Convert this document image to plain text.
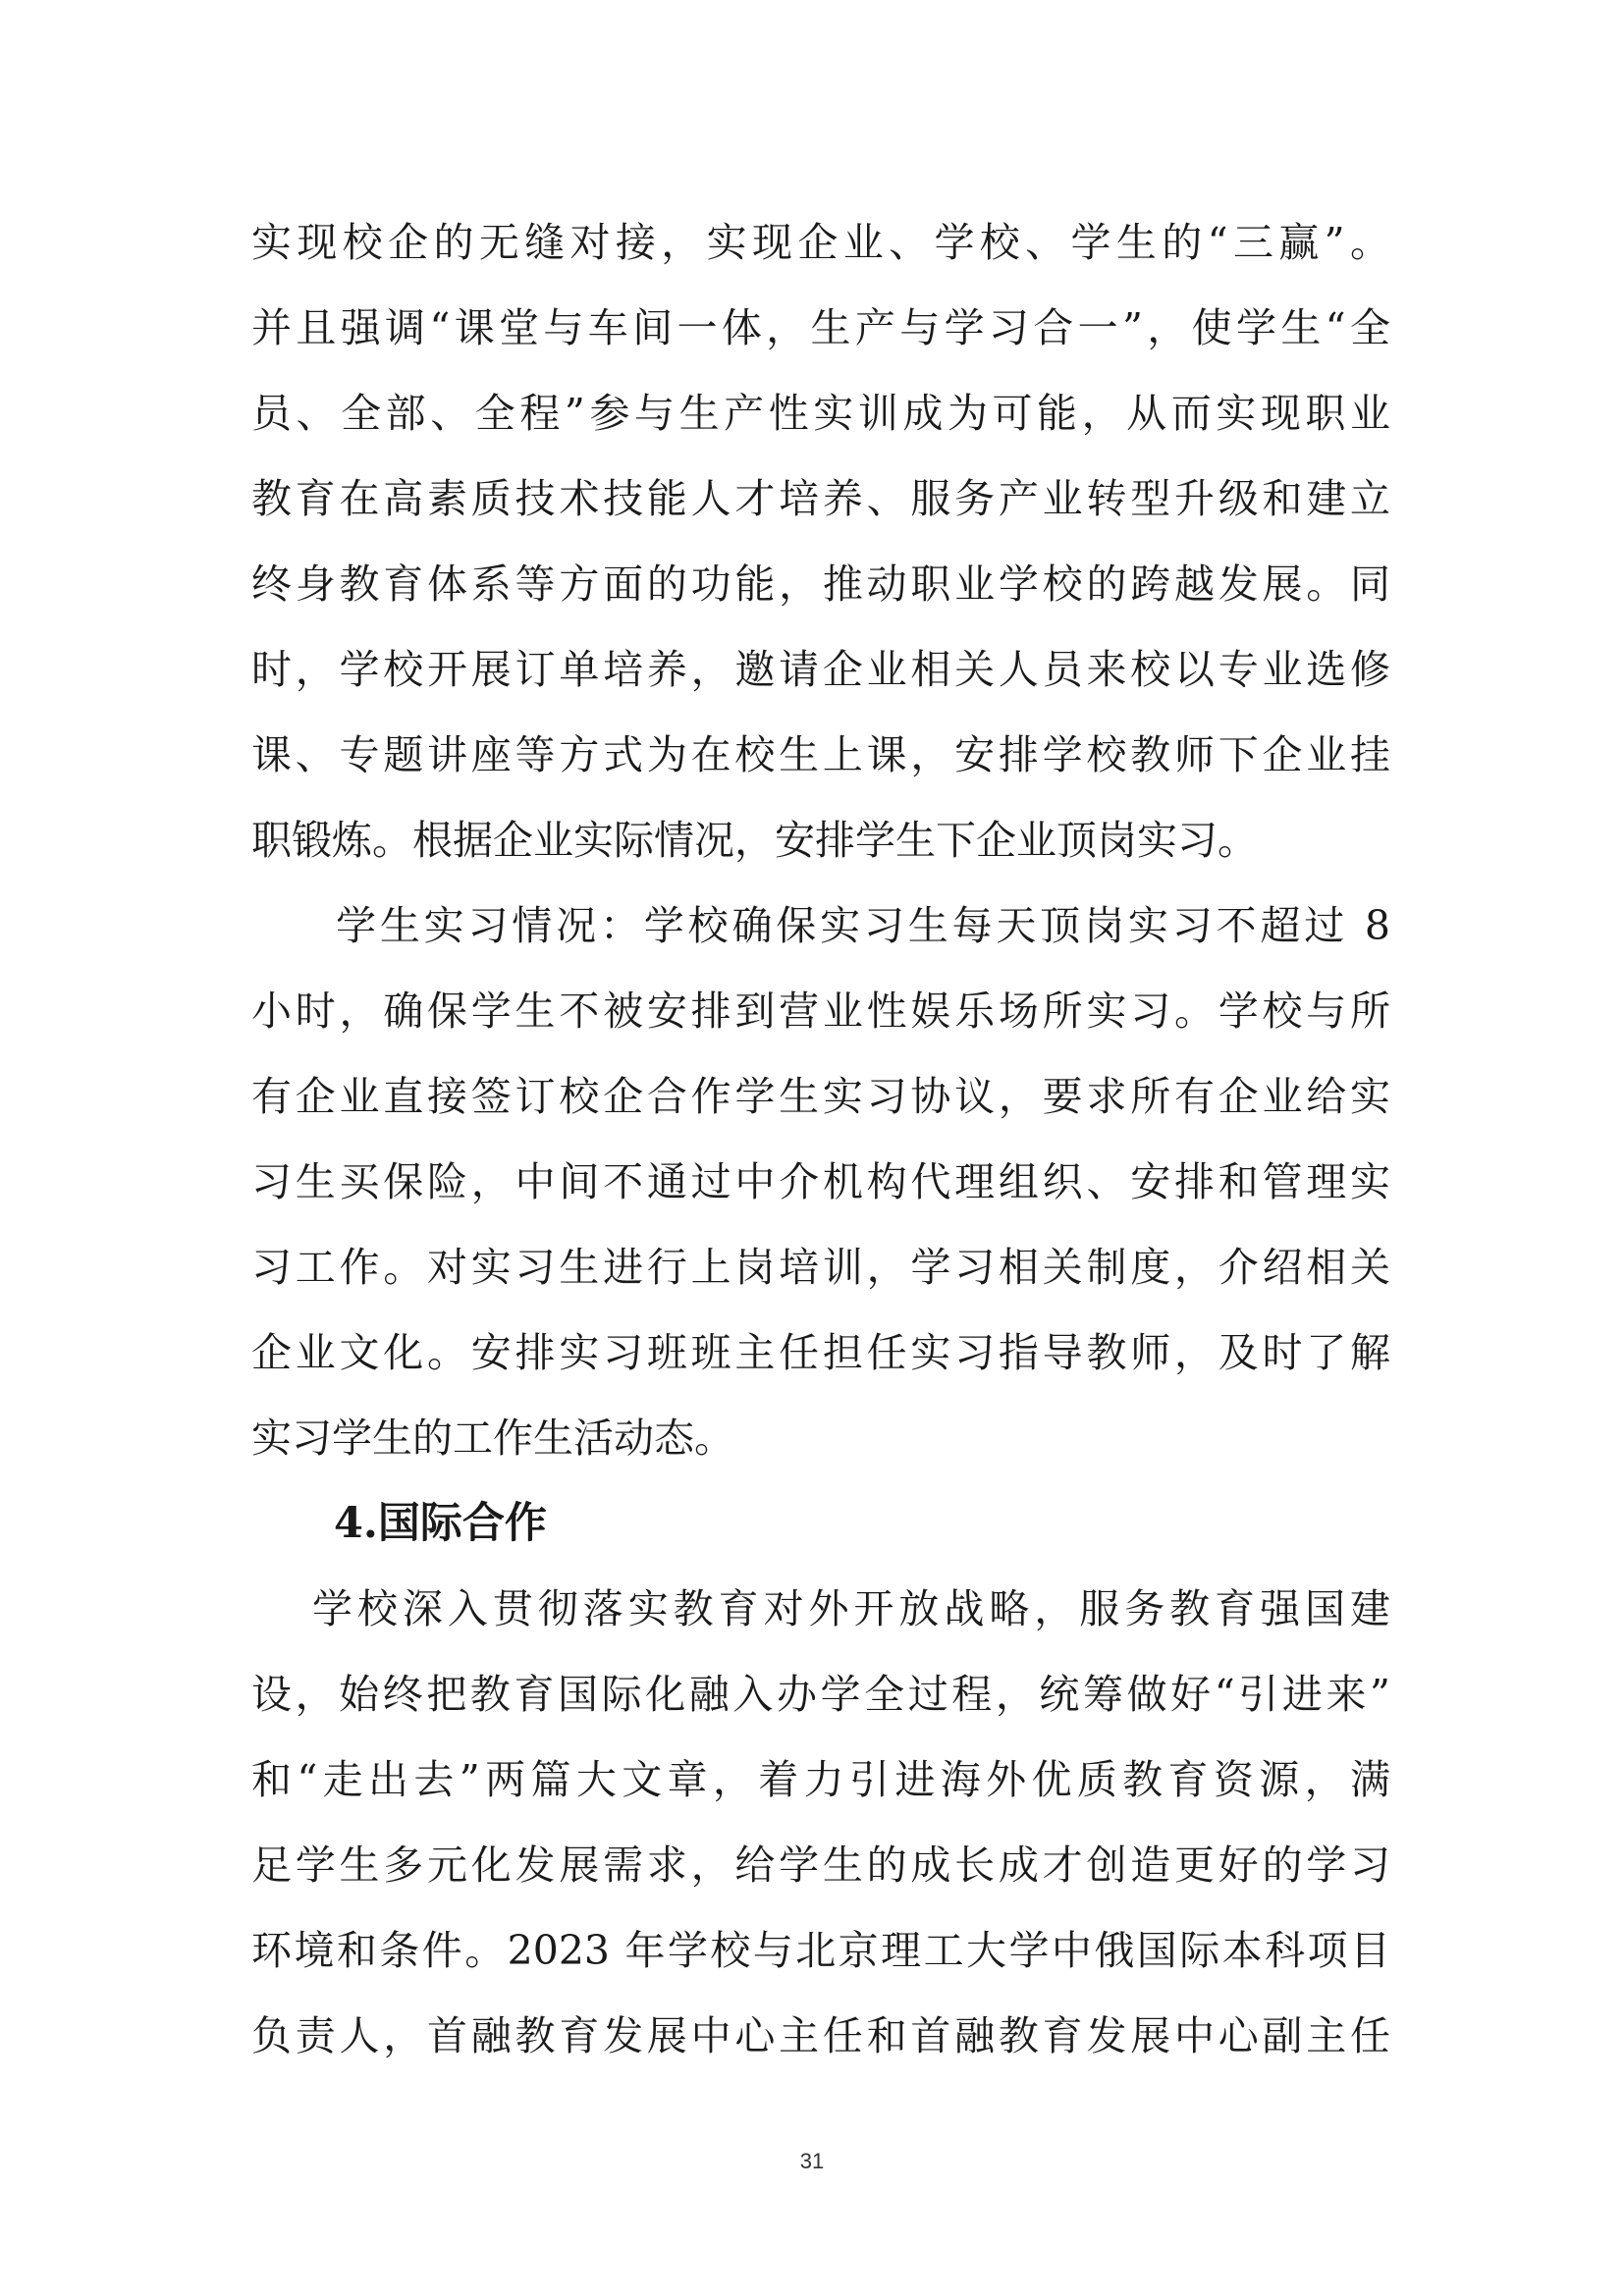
实现校企的无缝对接，实现企业、学校、学生的“三赢”。
并且强调“课堂与车间一体，生产与学习合一”，使学生“全
员、全部、全程”参与生产性实训成为可能，从而实现职业
教育在高素质技术技能人才培养、服务产业转型升级和建立
终身教育体系等方面的功能，推动职业学校的跨越发展。同
时，学校开展订单培养，邀请企业相关人员来校以专业选修
课、专题讲座等方式为在校生上课，安排学校教师下企业挂
职锻炼。根据企业实际情况，安排学生下企业顶岗实习。
学生实习情况：学校确保实习生每天顶岗实习不超过 8
小时，确保学生不被安排到营业性娱乐场所实习。学校与所
有企业直接签订校企合作学生实习协议，要求所有企业给实
习生买保险，中间不通过中介机构代理组织、安排和管理实
习工作。对实习生进行上岗培训，学习相关制度，介绍相关
企业文化。安排实习班班主任担任实习指导教师，及时了解
实习学生的工作生活动态。
4.国际合作
学校深入贯彻落实教育对外开放战略，服务教育强国建
设，始终把教育国际化融入办学全过程，统筹做好“引进来”
和“走出去”两篇大文章，着力引进海外优质教育资源，满
足学生多元化发展需求，给学生的成长成才创造更好的学习
环境和条件。2023 年学校与北京理工大学中俄国际本科项目
负责人，首融教育发展中心主任和首融教育发展中心副主任
31
